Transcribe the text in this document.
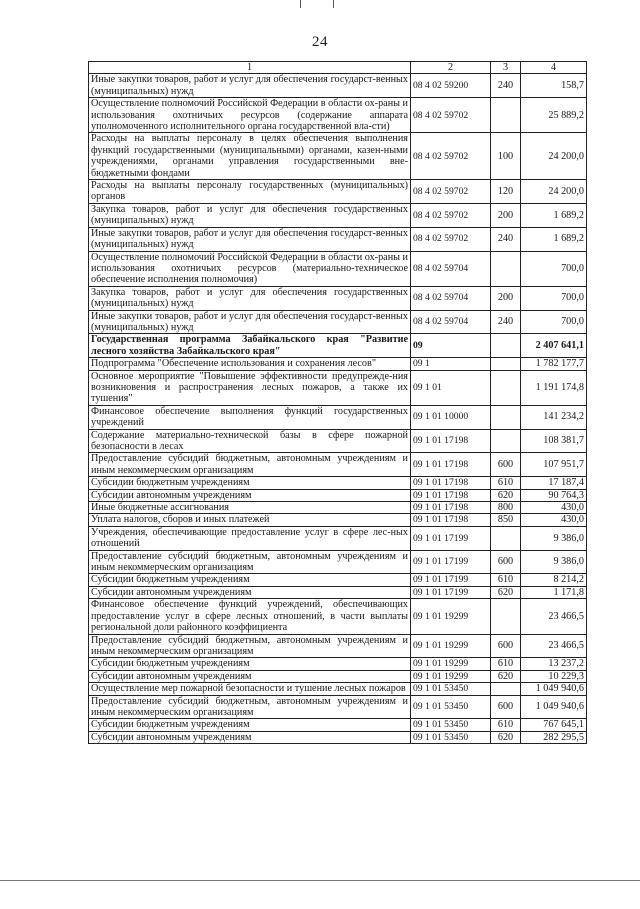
24
1	2	3	4
Иные закупки товаров, работ и услуг для обеспечения государст-венных (муниципальных) нужд	08 4 02 59200	240	158,7
Осуществление полномочий Российской Федерации в области ох-раны и использования охотничьих ресурсов (содержание аппарата уполномоченного исполнительного органа государственной вла-сти)	08 4 02 59702		25 889,2
Расходы на выплаты персоналу в целях обеспечения выполнения функций государственными (муниципальными) органами, казен-ными учреждениями, органами управления государственными вне-бюджетными фондами	08 4 02 59702	100	24 200,0
Расходы на выплаты персоналу государственных (муниципальных) органов	08 4 02 59702	120	24 200,0
Закупка товаров, работ и услуг для обеспечения государственных (муниципальных) нужд	08 4 02 59702	200	1 689,2
Иные закупки товаров, работ и услуг для обеспечения государст-венных (муниципальных) нужд	08 4 02 59702	240	1 689,2
Осуществление полномочий Российской Федерации в области ох-раны и использования охотничьих ресурсов (материально-техническое обеспечение исполнения полномочия)	08 4 02 59704		700,0
Закупка товаров, работ и услуг для обеспечения государственных (муниципальных) нужд	08 4 02 59704	200	700,0
Иные закупки товаров, работ и услуг для обеспечения государст-венных (муниципальных) нужд	08 4 02 59704	240	700,0
Государственная программа Забайкальского края "Развитие лесного хозяйства Забайкальского края"	09		2 407 641,1
Подпрограмма "Обеспечение использования и сохранения лесов"	09 1		1 782 177,7
Основное мероприятие "Повышение эффективности предупрежде-ния возникновения и распространения лесных пожаров, а также их тушения"	09 1 01		1 191 174,8
Финансовое обеспечение выполнения функций государственных учреждений	09 1 01 10000		141 234,2
Содержание материально-технической базы в сфере пожарной безопасности в лесах	09 1 01 17198		108 381,7
Предоставление субсидий бюджетным, автономным учреждениям и иным некоммерческим организациям	09 1 01 17198	600	107 951,7
Субсидии бюджетным учреждениям	09 1 01 17198	610	17 187,4
Субсидии автономным учреждениям	09 1 01 17198	620	90 764,3
Иные бюджетные ассигнования	09 1 01 17198	800	430,0
Уплата налогов, сборов и иных платежей	09 1 01 17198	850	430,0
Учреждения, обеспечивающие предоставление услуг в сфере лес-ных отношений	09 1 01 17199		9 386,0
Предоставление субсидий бюджетным, автономным учреждениям и иным некоммерческим организациям	09 1 01 17199	600	9 386,0
Субсидии бюджетным учреждениям	09 1 01 17199	610	8 214,2
Субсидии автономным учреждениям	09 1 01 17199	620	1 171,8
Финансовое обеспечение функций учреждений, обеспечивающих предоставление услуг в сфере лесных отношений, в части выплаты региональной доли районного коэффициента	09 1 01 19299		23 466,5
Предоставление субсидий бюджетным, автономным учреждениям и иным некоммерческим организациям	09 1 01 19299	600	23 466,5
Субсидии бюджетным учреждениям	09 1 01 19299	610	13 237,2
Субсидии автономным учреждениям	09 1 01 19299	620	10 229,3
Осуществление мер пожарной безопасности и тушение лесных пожаров	09 1 01 53450		1 049 940,6
Предоставление субсидий бюджетным, автономным учреждениям и иным некоммерческим организациям	09 1 01 53450	600	1 049 940,6
Субсидии бюджетным учреждениям	09 1 01 53450	610	767 645,1
Субсидии автономным учреждениям	09 1 01 53450	620	282 295,5
